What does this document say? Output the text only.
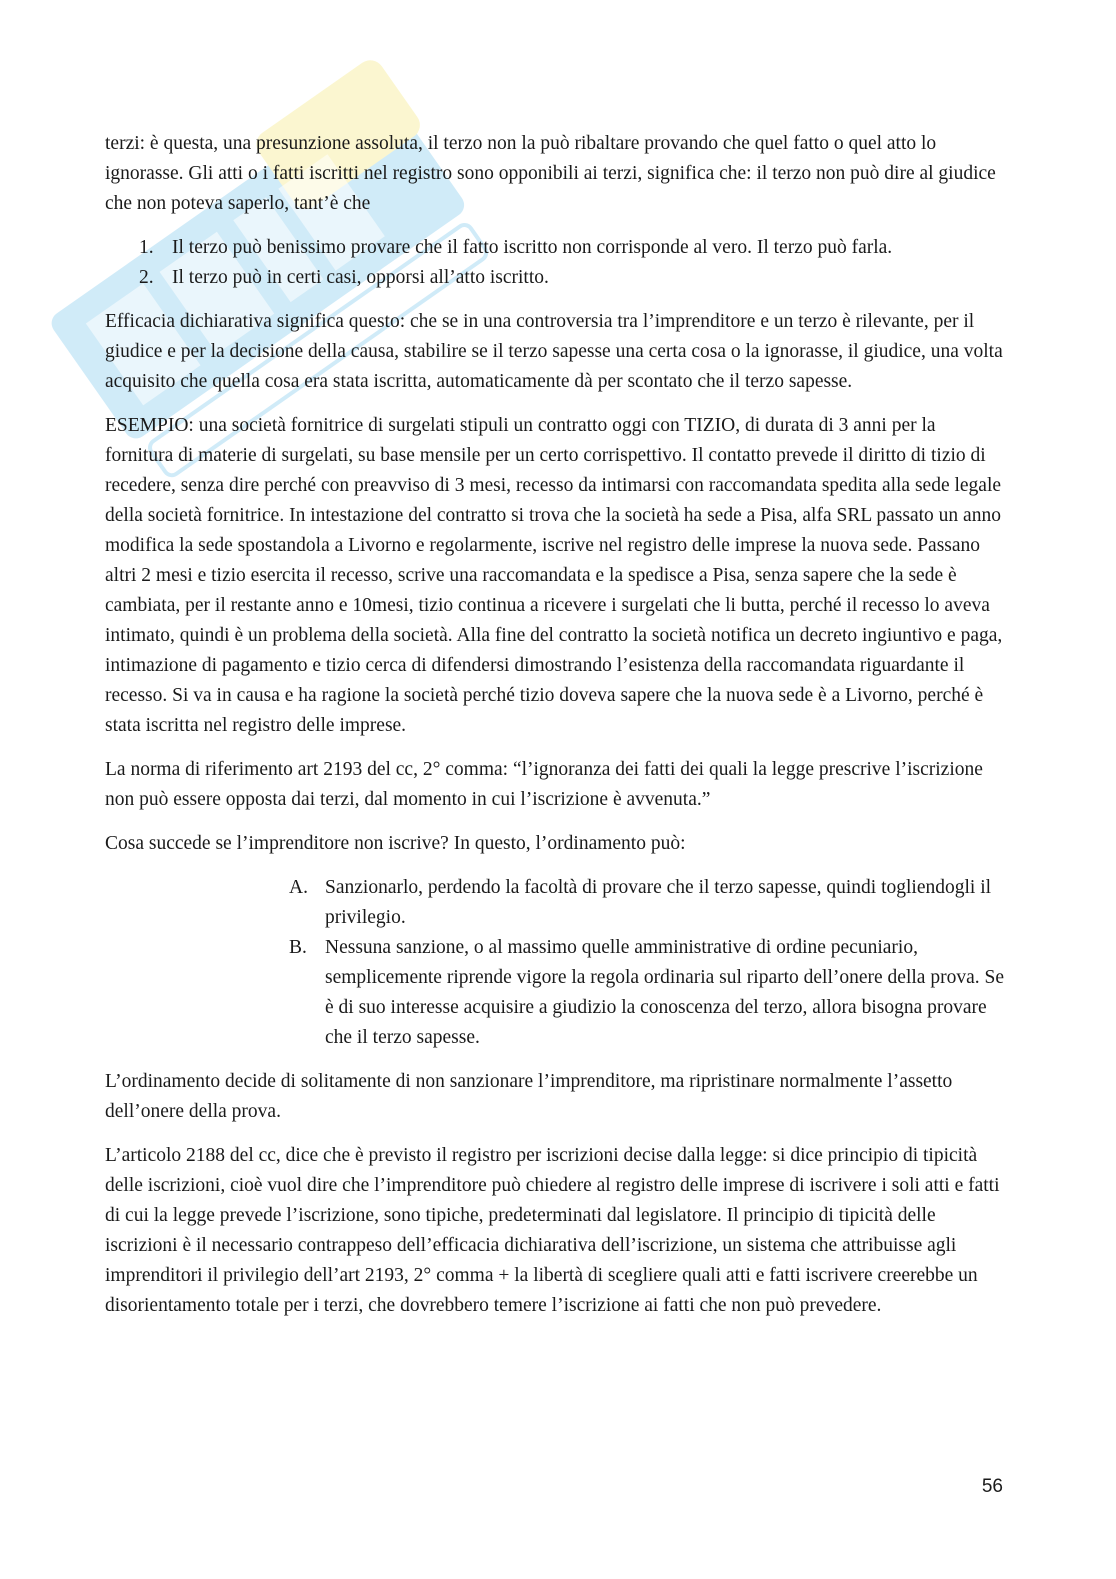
terzi: è questa, una presunzione assoluta, il terzo non la può ribaltare provando che quel fatto o quel atto lo ignorasse. Gli atti o i fatti iscritti nel registro sono opponibili ai terzi, significa che: il terzo non può dire al giudice che non poteva saperlo, tant’è che

1. Il terzo può benissimo provare che il fatto iscritto non corrisponde al vero. Il terzo può farla.
2. Il terzo può in certi casi, opporsi all’atto iscritto.

Efficacia dichiarativa significa questo: che se in una controversia tra l’imprenditore e un terzo è rilevante, per il giudice e per la decisione della causa, stabilire se il terzo sapesse una certa cosa o la ignorasse, il giudice, una volta acquisito che quella cosa era stata iscritta, automaticamente dà per scontato che il terzo sapesse.

ESEMPIO: una società fornitrice di surgelati stipuli un contratto oggi con TIZIO, di durata di 3 anni per la fornitura di materie di surgelati, su base mensile per un certo corrispettivo. Il contatto prevede il diritto di tizio di recedere, senza dire perché con preavviso di 3 mesi, recesso da intimarsi con raccomandata spedita alla sede legale della società fornitrice. In intestazione del contratto si trova che la società ha sede a Pisa, alfa SRL passato un anno modifica la sede spostandola a Livorno e regolarmente, iscrive nel registro delle imprese la nuova sede. Passano altri 2 mesi e tizio esercita il recesso, scrive una raccomandata e la spedisce a Pisa, senza sapere che la sede è cambiata, per il restante anno e 10mesi, tizio continua a ricevere i surgelati che li butta, perché il recesso lo aveva intimato, quindi è un problema della società. Alla fine del contratto la società notifica un decreto ingiuntivo e paga, intimazione di pagamento e tizio cerca di difendersi dimostrando l’esistenza della raccomandata riguardante il recesso. Si va in causa e ha ragione la società perché tizio doveva sapere che la nuova sede è a Livorno, perché è stata iscritta nel registro delle imprese.

La norma di riferimento art 2193 del cc, 2° comma: “l’ignoranza dei fatti dei quali la legge prescrive l’iscrizione non può essere opposta dai terzi, dal momento in cui l’iscrizione è avvenuta.”

Cosa succede se l’imprenditore non iscrive? In questo, l’ordinamento può:

A. Sanzionarlo, perdendo la facoltà di provare che il terzo sapesse, quindi togliendogli il privilegio.
B. Nessuna sanzione, o al massimo quelle amministrative di ordine pecuniario, semplicemente riprende vigore la regola ordinaria sul riparto dell’onere della prova. Se è di suo interesse acquisire a giudizio la conoscenza del terzo, allora bisogna provare che il terzo sapesse.

L’ordinamento decide di solitamente di non sanzionare l’imprenditore, ma ripristinare normalmente l’assetto dell’onere della prova.

L’articolo 2188 del cc, dice che è previsto il registro per iscrizioni decise dalla legge: si dice principio di tipicità delle iscrizioni, cioè vuol dire che l’imprenditore può chiedere al registro delle imprese di iscrivere i soli atti e fatti di cui la legge prevede l’iscrizione, sono tipiche, predeterminati dal legislatore. Il principio di tipicità delle iscrizioni è il necessario contrappeso dell’efficacia dichiarativa dell’iscrizione, un sistema che attribuisse agli imprenditori il privilegio dell’art 2193, 2° comma + la libertà di scegliere quali atti e fatti iscrivere creerebbe un disorientamento totale per i terzi, che dovrebbero temere l’iscrizione ai fatti che non può prevedere.

56
